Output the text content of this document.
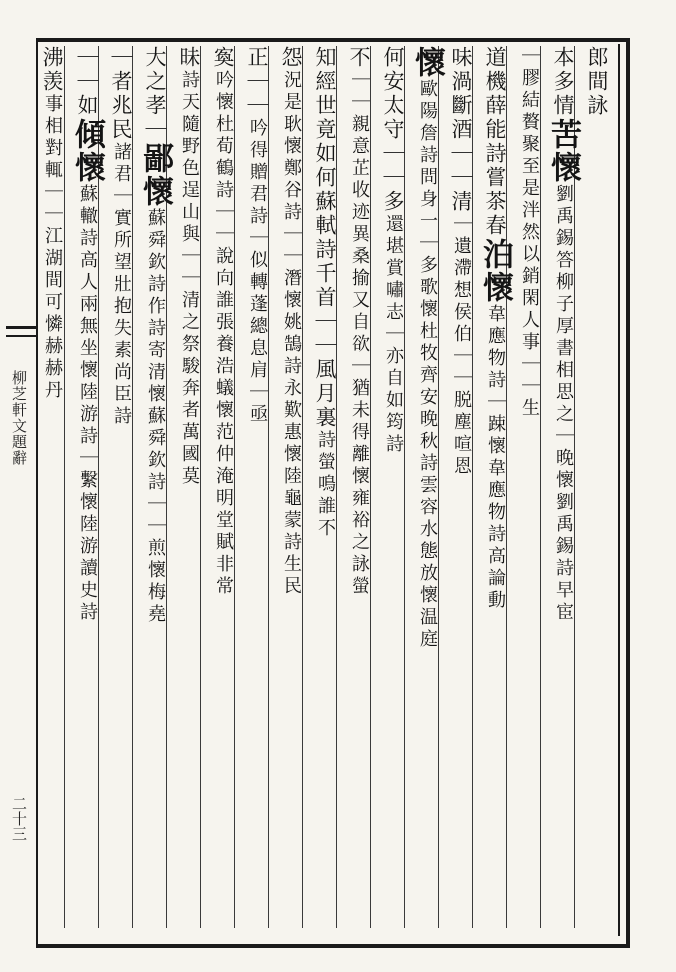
柳芝軒文題辭
二十三
郎間詠
本多情苦懷劉禹錫答柳子厚書相思之｜晚懷劉禹錫詩早宦
｜膠結贅聚至是泮然以銷閑人事｜｜生
道機薛能詩嘗茶春泊懷韋應物詩｜踈懷韋應物詩高論動
味渦斷酒｜｜清｜遺滯想侯伯｜｜脱塵喧恩
懷歐陽詹詩問身一｜多歌懷杜牧齊安晚秋詩雲容水態放懷温庭
何安太守｜｜多還堪賞嘯志｜亦自如筠詩
不｜｜親意芷收迹異桑揄又自欲｜猶未得離懷雍裕之詠螢
知經世竟如何蘇軾詩千首｜｜風月裏詩螢鳴誰不
怨況是耿懷鄭谷詩｜｜潛懷姚鵠詩永歎惠懷陸龜蒙詩生民
正｜｜吟得贈君詩｜似轉蓬總息肩｜亟
寏吟懷杜荀鶴詩｜｜說向誰張養浩蟻懷范仲淹明堂賦非常
昧詩天隨野色逞山與｜｜清之祭駿奔者萬國莫
大之孝｜鄙懷蘇舜欽詩作詩寄清懷蘇舜欽詩｜｜煎懷梅堯
｜者兆民諸君｜實所望壯抱失素尚臣詩
｜｜如傾懷蘇轍詩高人兩無坐懷陸游詩｜繫懷陸游讀史詩
沸羡事相對輒｜｜江湖間可憐赫赫丹
